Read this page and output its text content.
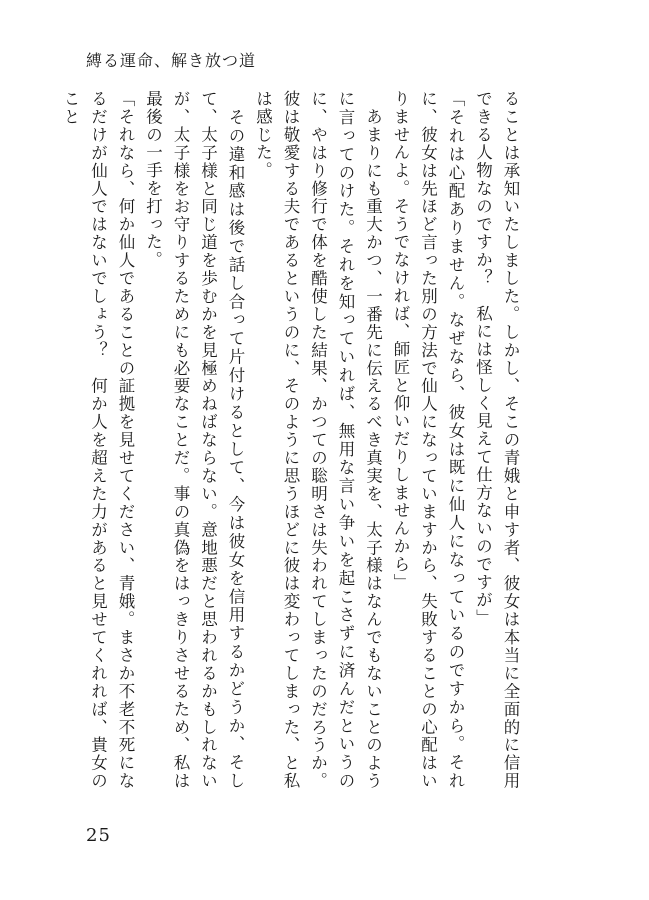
縛る運命、解き放つ道

ることは承知いたしました。しかし、そこの青娥と申す者、彼女は本当に全面的に信用できる人物なのですか？　私には怪しく見えて仕方ないのですが」

「それは心配ありません。なぜなら、彼女は既に仙人になっているのですから。それに、彼女は先ほど言った別の方法で仙人になっていますから、失敗することの心配はいりませんよ。そうでなければ、師匠と仰いだりしませんから」

　あまりにも重大かつ、一番先に伝えるべき真実を、太子様はなんでもないことのように言ってのけた。それを知っていれば、無用な言い争いを起こさずに済んだというのに、やはり修行で体を酷使した結果、かつての聡明さは失われてしまったのだろうか。彼は敬愛する夫であるというのに、そのように思うほどに彼は変わってしまった、と私は感じた。

　その違和感は後で話し合って片付けるとして、今は彼女を信用するかどうか、そして、太子様と同じ道を歩むかを見極めねばならない。意地悪だと思われるかもしれないが、太子様をお守りするためにも必要なことだ。事の真偽をはっきりさせるため、私は最後の一手を打った。

「それなら、何か仙人であることの証拠を見せてください、青娥。まさか不老不死になるだけが仙人ではないでしょう？　何か人を超えた力があると見せてくれれば、貴女のこと

25
